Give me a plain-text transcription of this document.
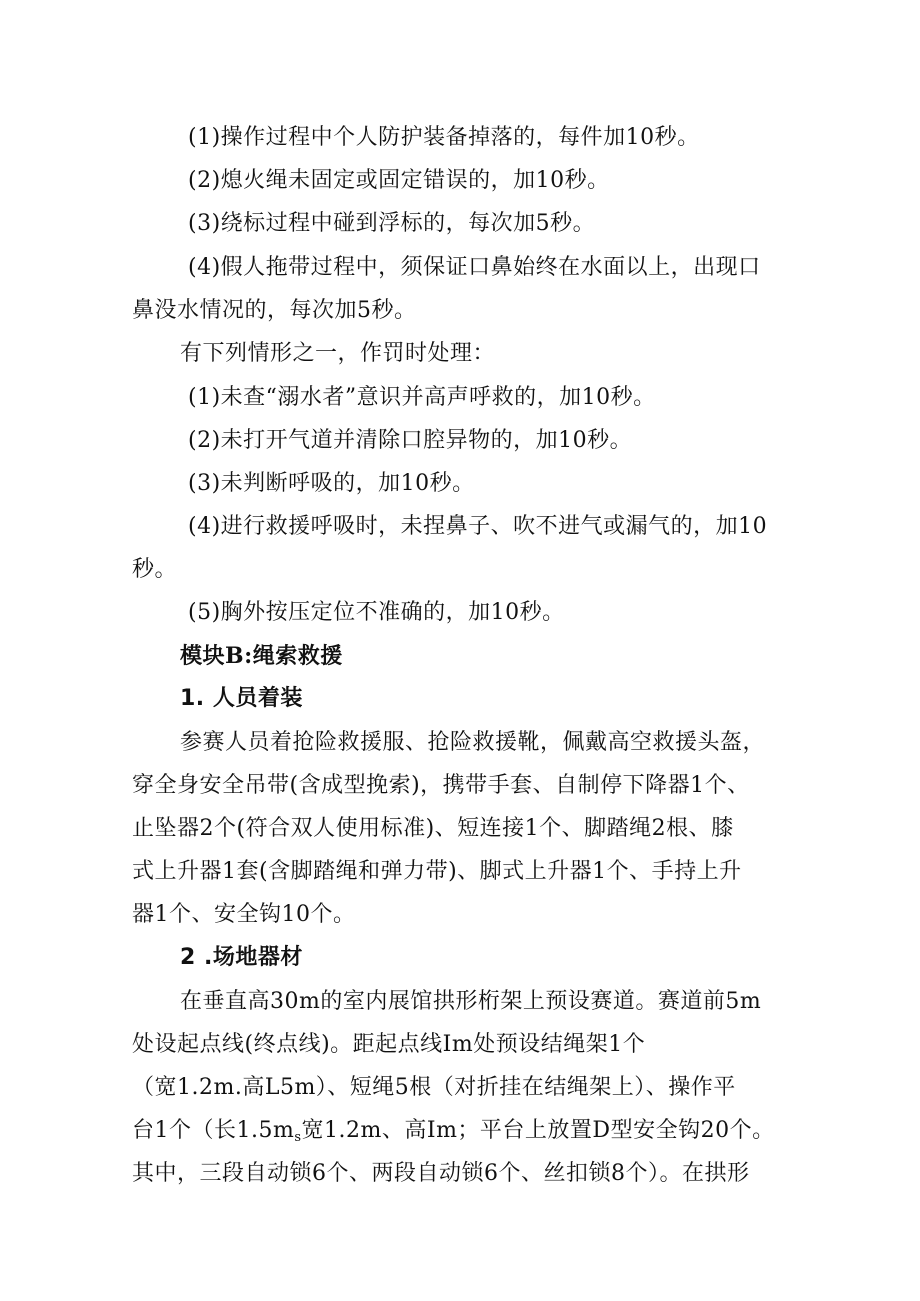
(1)操作过程中个人防护装备掉落的，每件加10秒。
(2)熄火绳未固定或固定错误的，加10秒。
(3)绕标过程中碰到浮标的，每次加5秒。
(4)假人拖带过程中，须保证口鼻始终在水面以上，出现口
鼻没水情况的，每次加5秒。
有下列情形之一，作罚时处理：
(1)未查“溺水者”意识并高声呼救的，加10秒。
(2)未打开气道并清除口腔异物的，加10秒。
(3)未判断呼吸的，加10秒。
(4)进行救援呼吸时，未捏鼻子、吹不进气或漏气的，加10
秒。
(5)胸外按压定位不准确的，加10秒。
模块B:绳索救援
1. 人员着装
参赛人员着抢险救援服、抢险救援靴，佩戴高空救援头盔，
穿全身安全吊带(含成型挽索)，携带手套、自制停下降器1个、
止坠器2个(符合双人使用标准)、短连接1个、脚踏绳2根、膝
式上升器1套(含脚踏绳和弹力带)、脚式上升器1个、手持上升
器1个、安全钩10个。
2 .场地器材
在垂直高30m的室内展馆拱形桁架上预设赛道。赛道前5m
处设起点线(终点线)。距起点线Im处预设结绳架1个
（宽1.2m.高L5m）、短绳5根（对折挂在结绳架上）、操作平
台1个（长$1.5m_s$宽1.2m、高Im；平台上放置D型安全钩20个。
其中，三段自动锁6个、两段自动锁6个、丝扣锁8个）。在拱形
